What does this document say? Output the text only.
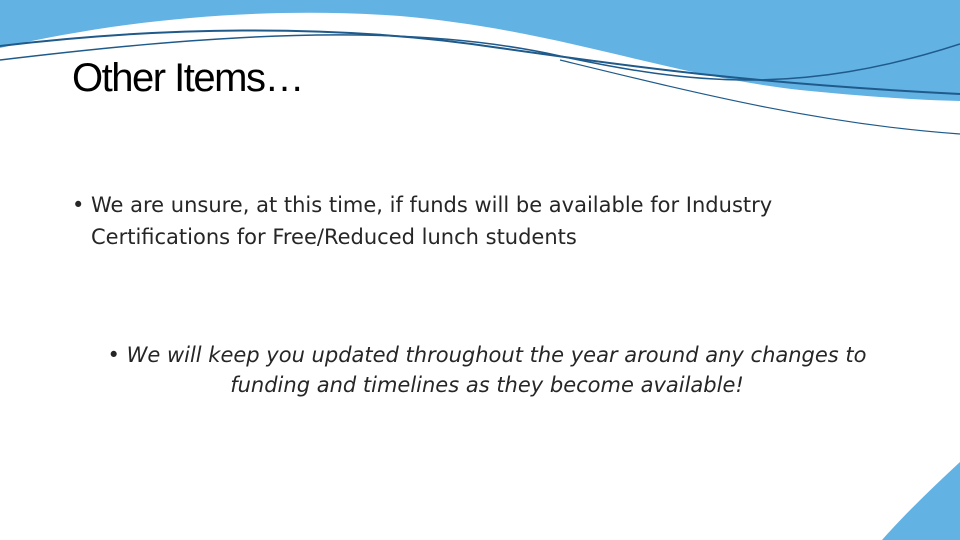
Other Items…
• We are unsure, at this time, if funds will be available for Industry Certifications for Free/Reduced lunch students
• We will keep you updated throughout the year around any changes to funding and timelines as they become available!
